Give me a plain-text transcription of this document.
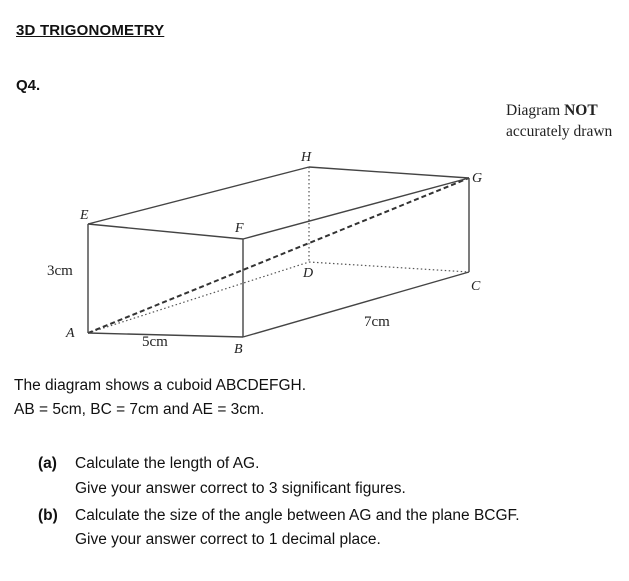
3D TRIGONOMETRY
Q4.
Diagram NOT
accurately drawn
H
G
E
F
D
C
A
B
3cm
5cm
7cm
The diagram shows a cuboid ABCDEFGH.
AB = 5cm, BC = 7cm and AE = 3cm.
(a) Calculate the length of AG.
Give your answer correct to 3 significant figures.
(b) Calculate the size of the angle between AG and the plane BCGF.
Give your answer correct to 1 decimal place.
